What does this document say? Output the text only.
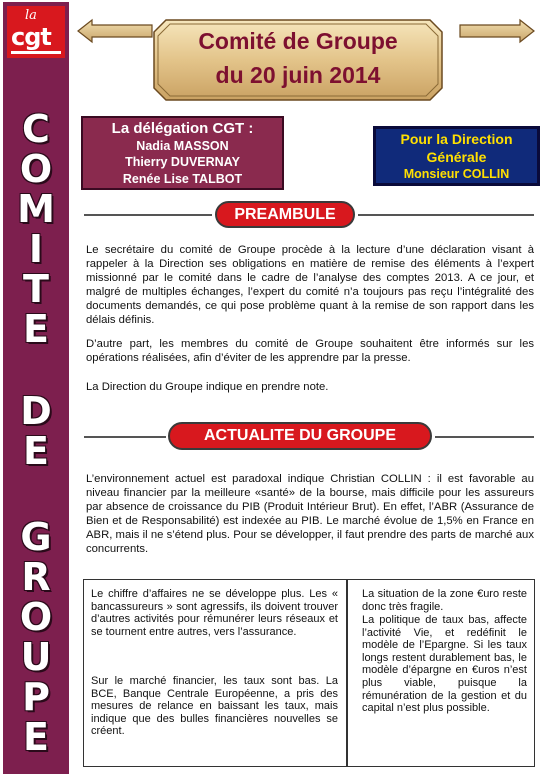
la
cgt
C
O
M
I
T
E
D
E
G
R
O
U
P
E
Comité de Groupe
du 20 juin 2014
La délégation CGT :
Nadia MASSON
Thierry DUVERNAY
Renée Lise TALBOT
Pour la Direction
Générale
Monsieur COLLIN
PREAMBULE
Le secrétaire du comité de Groupe procède à la lecture d’une déclaration visant à rappeler à la Direction ses obligations en matière de remise des éléments à l’expert missionné par le comité dans le cadre de l’analyse des comptes 2013. A ce jour, et malgré de multiples échanges, l’expert du comité n’a toujours pas reçu l’intégralité des documents demandés, ce qui pose problème quant à la remise de son rapport dans les délais définis.
D’autre part, les membres du comité de Groupe souhaitent être informés sur les opérations réalisées, afin d’éviter de les apprendre par la presse.
La Direction du Groupe indique en prendre note.
ACTUALITE DU GROUPE
L’environnement actuel est paradoxal indique Christian COLLIN : il est favorable au niveau financier par la meilleure «santé» de la bourse, mais difficile pour les assureurs par absence de croissance du PIB (Produit Intérieur Brut). En effet, l’ABR (Assurance de Bien et de Responsabilité) est indexée au PIB. Le marché évolue de 1,5% en France en ABR, mais il ne s’étend plus. Pour se développer, il faut prendre des parts de marché aux concurrents.
Le chiffre d’affaires ne se développe plus. Les « bancassureurs » sont agressifs, ils doivent trouver d’autres activités pour rémunérer leurs réseaux et se tournent entre autres, vers l’assurance.
Sur le marché financier, les taux sont bas. La BCE, Banque Centrale Européenne, a pris des mesures de relance en baissant les taux, mais indique que des bulles financières nouvelles se créent.
La situation de la zone €uro reste donc très fragile.
La politique de taux bas, affecte l’activité Vie, et redéfinit le modèle de l’Epargne. Si les taux longs restent durablement bas, le modèle d’épargne en €uros n’est plus viable, puisque la rémunération de la gestion et du capital n’est plus possible.
